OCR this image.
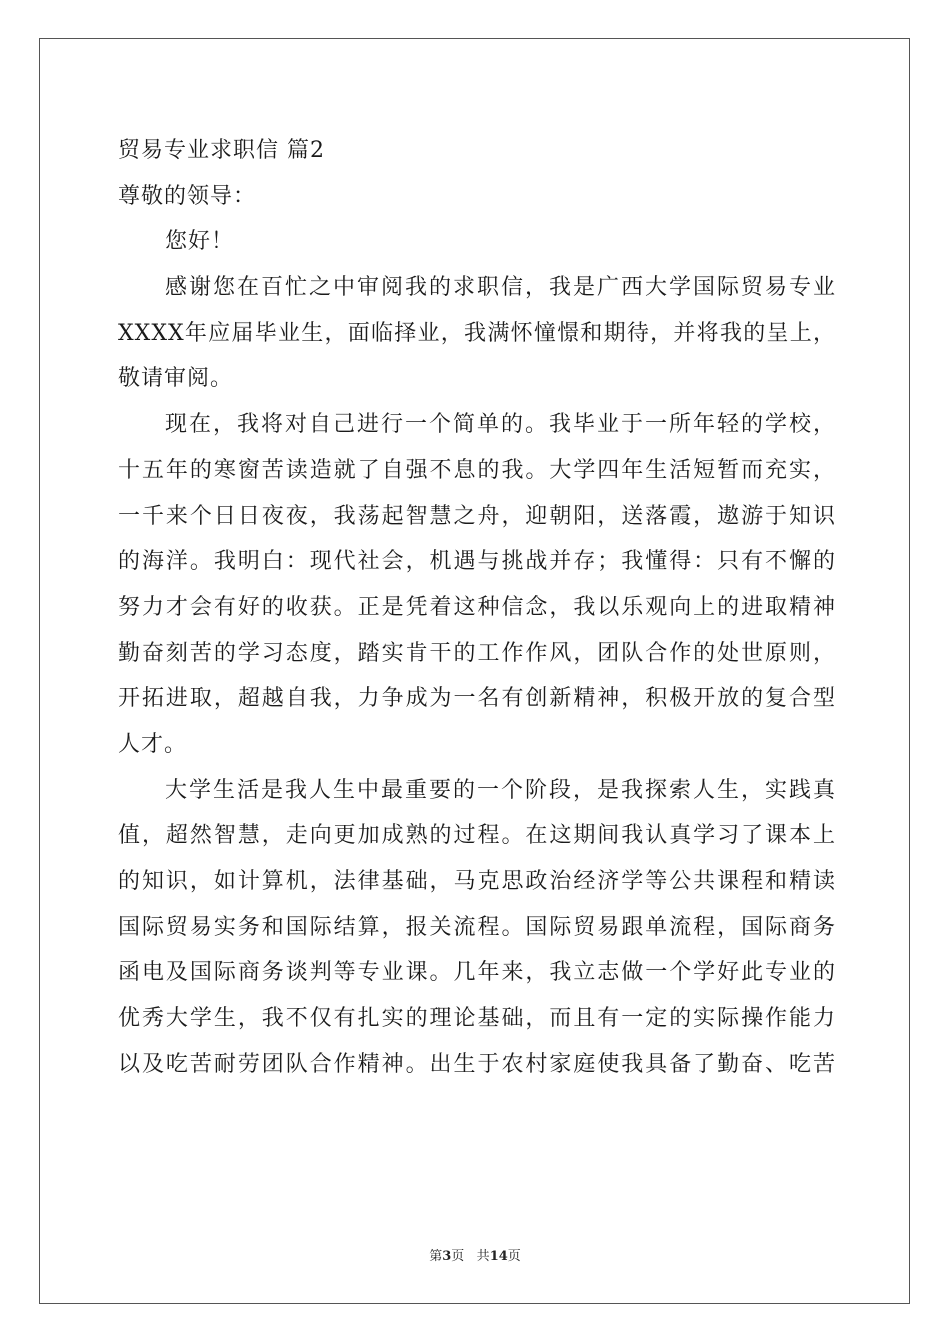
贸易专业求职信 篇2
尊敬的领导：
您好！
感谢您在百忙之中审阅我的求职信，我是广西大学国际贸易专业
XXXX年应届毕业生，面临择业，我满怀憧憬和期待，并将我的呈上，
敬请审阅。
现在，我将对自己进行一个简单的。我毕业于一所年轻的学校，
十五年的寒窗苦读造就了自强不息的我。大学四年生活短暂而充实，
一千来个日日夜夜，我荡起智慧之舟，迎朝阳，送落霞，遨游于知识
的海洋。我明白：现代社会，机遇与挑战并存；我懂得：只有不懈的
努力才会有好的收获。正是凭着这种信念，我以乐观向上的进取精神
勤奋刻苦的学习态度，踏实肯干的工作作风，团队合作的处世原则，
开拓进取，超越自我，力争成为一名有创新精神，积极开放的复合型
人才。
大学生活是我人生中最重要的一个阶段，是我探索人生，实践真
值，超然智慧，走向更加成熟的过程。在这期间我认真学习了课本上
的知识，如计算机，法律基础，马克思政治经济学等公共课程和精读
国际贸易实务和国际结算，报关流程。国际贸易跟单流程，国际商务
函电及国际商务谈判等专业课。几年来，我立志做一个学好此专业的
优秀大学生，我不仅有扎实的理论基础，而且有一定的实际操作能力
以及吃苦耐劳团队合作精神。出生于农村家庭使我具备了勤奋、吃苦
第3页 共14页
